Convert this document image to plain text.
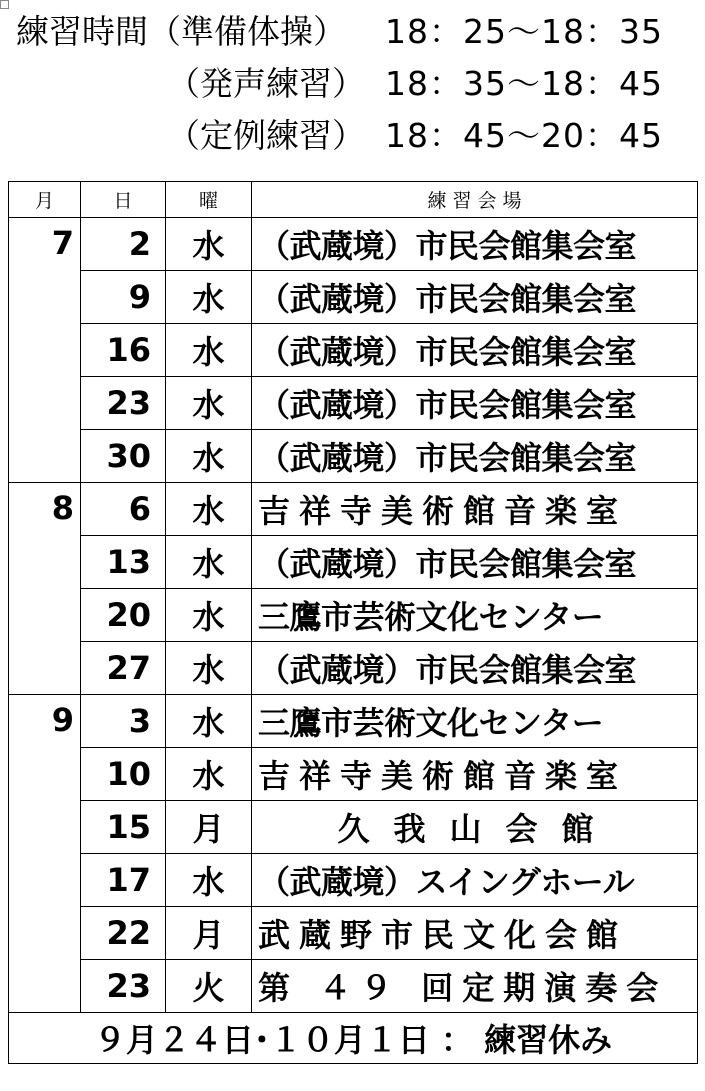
練習時間（準備体操）	18：25～18：35
（発声練習） 18：35～18：45
（定例練習） 18：45～20：45
月	日	曜	練 習 会 場
7	2	水	（武蔵境）市民会館集会室
	9	水	（武蔵境）市民会館集会室
	16	水	（武蔵境）市民会館集会室
	23	水	（武蔵境）市民会館集会室
	30	水	（武蔵境）市民会館集会室
8	6	水	吉祥寺美術館音楽室
	13	水	（武蔵境）市民会館集会室
	20	水	三鷹市芸術文化センター
	27	水	（武蔵境）市民会館集会室
9	3	水	三鷹市芸術文化センター
	10	水	吉祥寺美術館音楽室
	15	月	久我山会館
	17	水	（武蔵境）スイングホール
	22	月	武蔵野市民文化会館
	23	火	第 ４９ 回定期演奏会
９月２４日･１０月１日 ： 練習休み			
